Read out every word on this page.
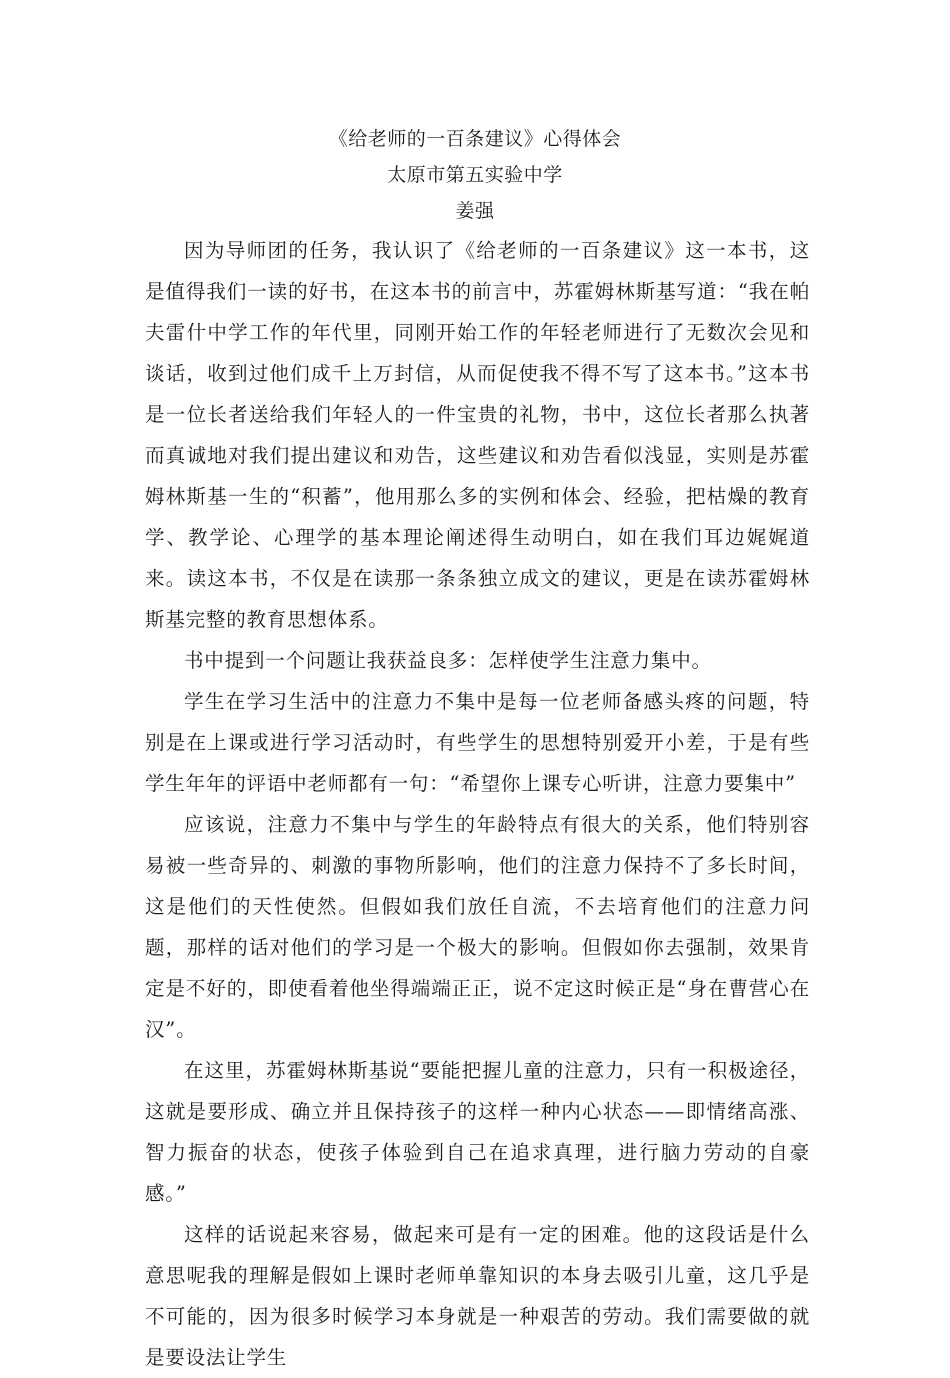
《给老师的一百条建议》心得体会
太原市第五实验中学
姜强

因为导师团的任务，我认识了《给老师的一百条建议》这一本书，这是值得我们一读的好书，在这本书的前言中，苏霍姆林斯基写道：“我在帕夫雷什中学工作的年代里，同刚开始工作的年轻老师进行了无数次会见和谈话，收到过他们成千上万封信，从而促使我不得不写了这本书。”这本书是一位长者送给我们年轻人的一件宝贵的礼物，书中，这位长者那么执著而真诚地对我们提出建议和劝告，这些建议和劝告看似浅显，实则是苏霍姆林斯基一生的“积蓄”，他用那么多的实例和体会、经验，把枯燥的教育学、教学论、心理学的基本理论阐述得生动明白，如在我们耳边娓娓道来。读这本书，不仅是在读那一条条独立成文的建议，更是在读苏霍姆林斯基完整的教育思想体系。

书中提到一个问题让我获益良多：怎样使学生注意力集中。

学生在学习生活中的注意力不集中是每一位老师备感头疼的问题，特别是在上课或进行学习活动时，有些学生的思想特别爱开小差，于是有些学生年年的评语中老师都有一句：“希望你上课专心听讲，注意力要集中”

应该说，注意力不集中与学生的年龄特点有很大的关系，他们特别容易被一些奇异的、刺激的事物所影响，他们的注意力保持不了多长时间，这是他们的天性使然。但假如我们放任自流，不去培育他们的注意力问题，那样的话对他们的学习是一个极大的影响。但假如你去强制，效果肯定是不好的，即使看着他坐得端端正正，说不定这时候正是“身在曹营心在汉”。

在这里，苏霍姆林斯基说“要能把握儿童的注意力，只有一积极途径，这就是要形成、确立并且保持孩子的这样一种内心状态——即情绪高涨、智力振奋的状态，使孩子体验到自己在追求真理，进行脑力劳动的自豪感。”

这样的话说起来容易，做起来可是有一定的困难。他的这段话是什么意思呢我的理解是假如上课时老师单靠知识的本身去吸引儿童，这几乎是不可能的，因为很多时候学习本身就是一种艰苦的劳动。我们需要做的就是要设法让学生
